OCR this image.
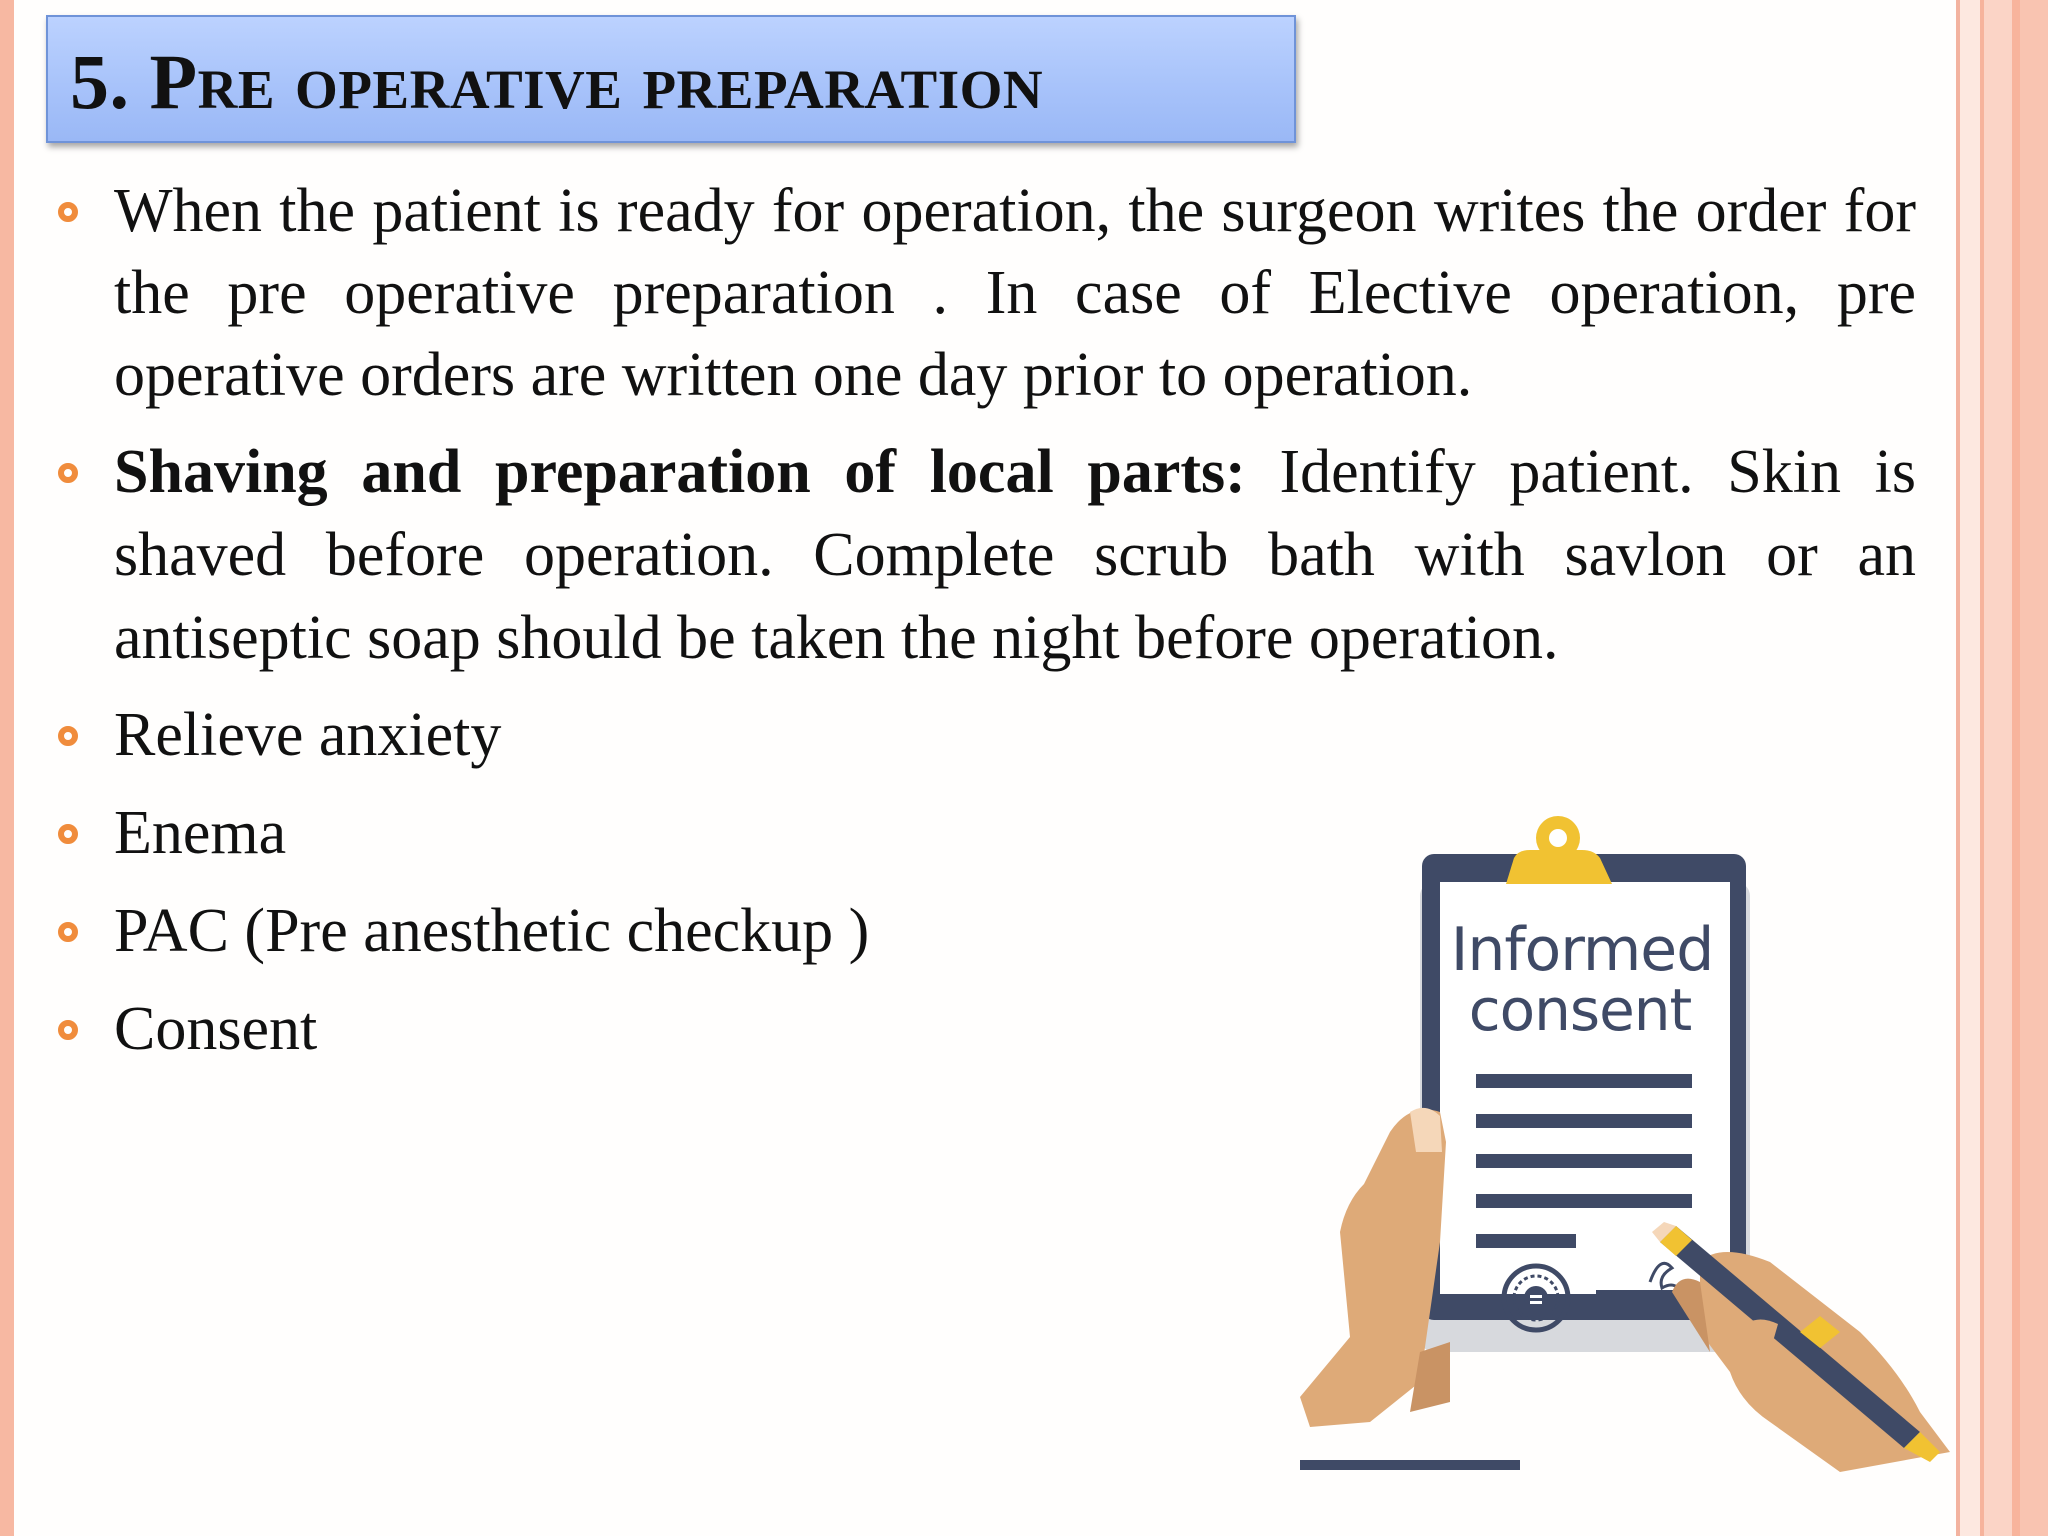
5. Pre operative preparation
When the patient is ready for operation, the surgeon writes the order for the pre operative preparation . In case of Elective operation, pre operative orders are written one day prior to operation.
Shaving and preparation of local parts: Identify patient. Skin is shaved before operation. Complete scrub bath with savlon or an antiseptic soap should be taken the night before operation.
Relieve anxiety
Enema
PAC (Pre anesthetic checkup )
Consent
Informed
consent
